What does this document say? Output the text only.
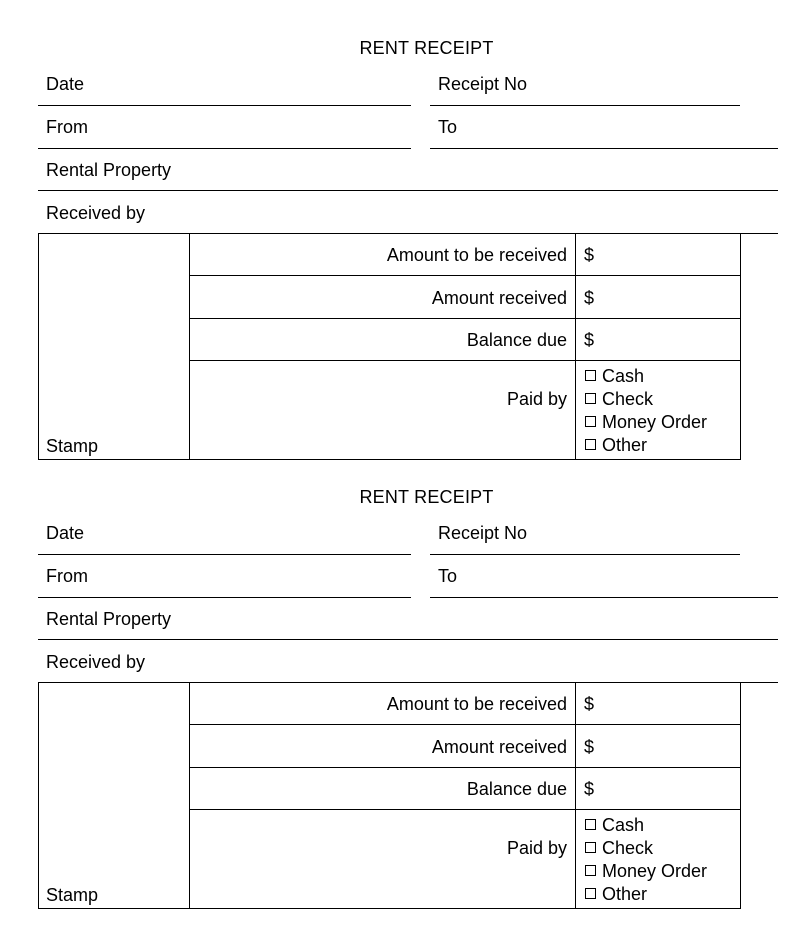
RENT RECEIPT
Date	Receipt No
From	To
Rental Property
Received by
Amount to be received $
Amount received $
Balance due $
Paid by
Cash
Check
Money Order
Other
Stamp
RENT RECEIPT
Date	Receipt No
From	To
Rental Property
Received by
Amount to be received $
Amount received $
Balance due $
Paid by
Cash
Check
Money Order
Other
Stamp
